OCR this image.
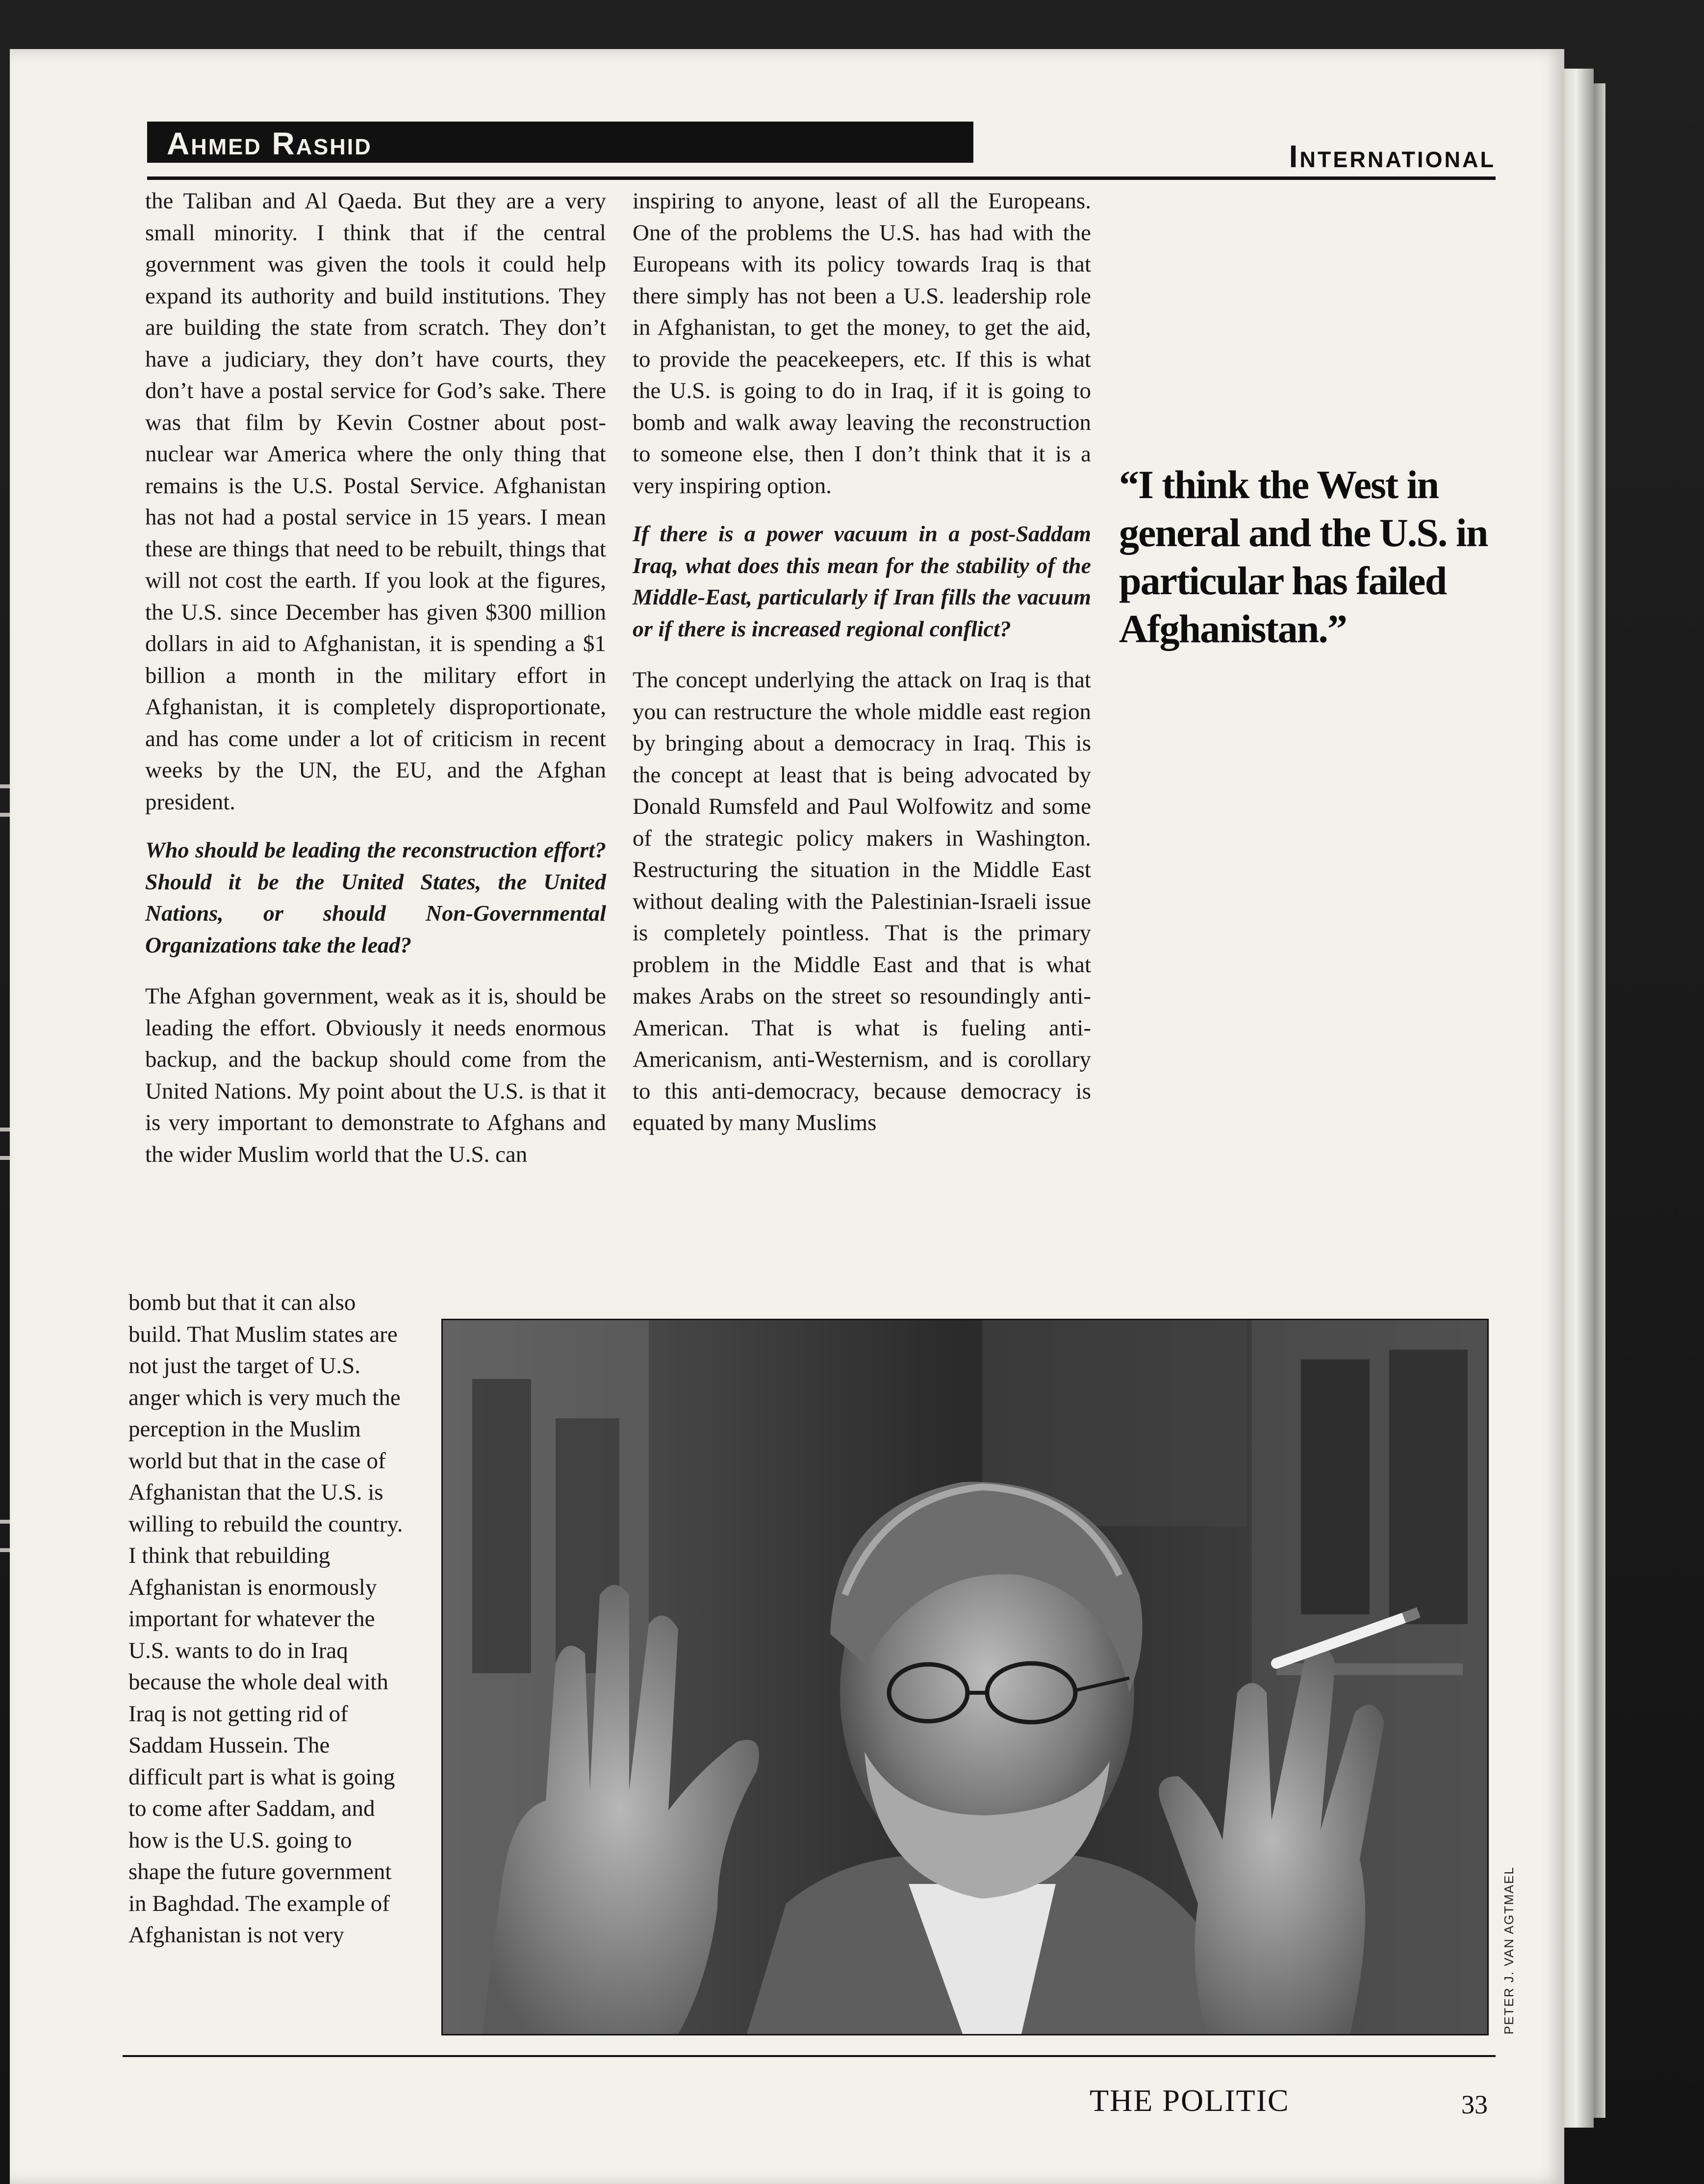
Ahmed Rashid	International

the Taliban and Al Qaeda. But they are a very small minority. I think that if the central government was given the tools it could help expand its authority and build institutions. They are building the state from scratch. They don’t have a judiciary, they don’t have courts, they don’t have a postal service for God’s sake. There was that film by Kevin Costner about post-nuclear war America where the only thing that remains is the U.S. Postal Service. Afghanistan has not had a postal service in 15 years. I mean these are things that need to be rebuilt, things that will not cost the earth. If you look at the figures, the U.S. since December has given $300 million dollars in aid to Afghanistan, it is spending a $1 billion a month in the military effort in Afghanistan, it is completely disproportionate, and has come under a lot of criticism in recent weeks by the UN, the EU, and the Afghan president.

Who should be leading the reconstruction effort? Should it be the United States, the United Nations, or should Non-Governmental Organizations take the lead?

The Afghan government, weak as it is, should be leading the effort. Obviously it needs enormous backup, and the backup should come from the United Nations. My point about the U.S. is that it is very important to demonstrate to Afghans and the wider Muslim world that the U.S. can

bomb but that it can also build. That Muslim states are not just the target of U.S. anger which is very much the perception in the Muslim world but that in the case of Afghanistan that the U.S. is willing to rebuild the country. I think that rebuilding Afghanistan is enormously important for whatever the U.S. wants to do in Iraq because the whole deal with Iraq is not getting rid of Saddam Hussein. The difficult part is what is going to come after Saddam, and how is the U.S. going to shape the future government in Baghdad. The example of Afghanistan is not very

inspiring to anyone, least of all the Europeans. One of the problems the U.S. has had with the Europeans with its policy towards Iraq is that there simply has not been a U.S. leadership role in Afghanistan, to get the money, to get the aid, to provide the peacekeepers, etc. If this is what the U.S. is going to do in Iraq, if it is going to bomb and walk away leaving the reconstruction to someone else, then I don’t think that it is a very inspiring option.

If there is a power vacuum in a post-Saddam Iraq, what does this mean for the stability of the Middle-East, particularly if Iran fills the vacuum or if there is increased regional conflict?

The concept underlying the attack on Iraq is that you can restructure the whole middle east region by bringing about a democracy in Iraq. This is the concept at least that is being advocated by Donald Rumsfeld and Paul Wolfowitz and some of the strategic policy makers in Washington. Restructuring the situation in the Middle East without dealing with the Palestinian-Israeli issue is completely pointless. That is the primary problem in the Middle East and that is what makes Arabs on the street so resoundingly anti-American. That is what is fueling anti-Americanism, anti-Westernism, and is corollary to this anti-democracy, because democracy is equated by many Muslims

“I think the West in general and the U.S. in particular has failed Afghanistan.”
PETER J. VAN AGTMAEL
THE POLITIC	33
